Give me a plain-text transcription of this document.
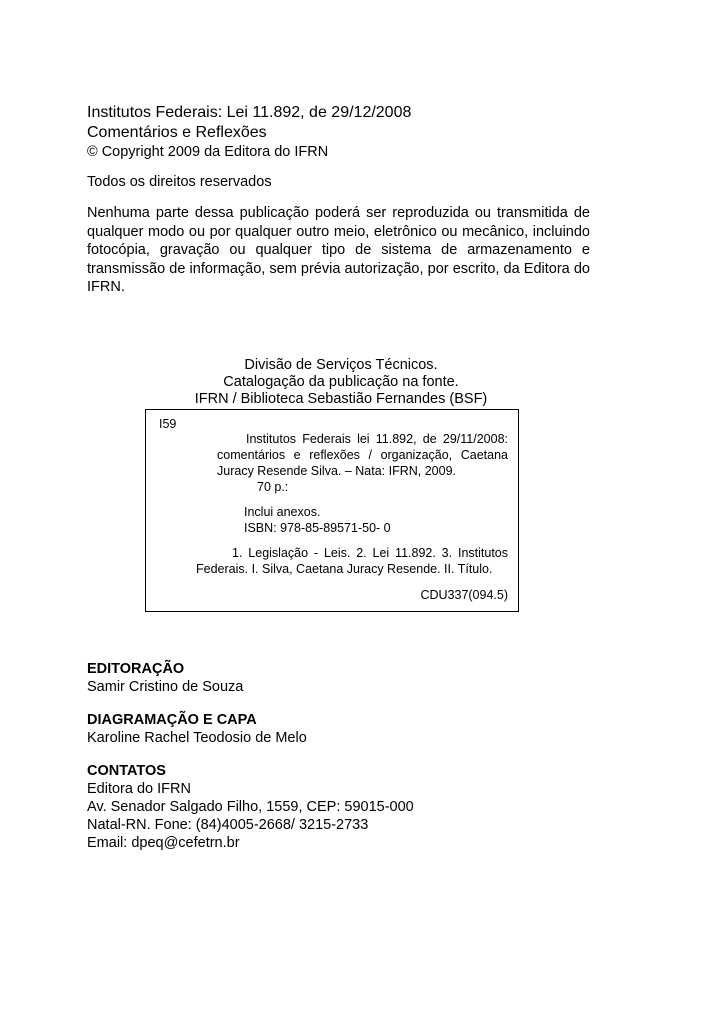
Institutos Federais: Lei 11.892, de 29/12/2008
Comentários e Reflexões
© Copyright 2009 da Editora do IFRN
Todos os direitos reservados
Nenhuma parte dessa publicação poderá ser reproduzida ou transmitida de
qualquer modo ou por qualquer outro meio, eletrônico ou mecânico, incluindo
fotocópia, gravação ou qualquer tipo de sistema de armazenamento e
transmissão de informação, sem prévia autorização, por escrito, da Editora do
IFRN.
Divisão de Serviços Técnicos.
Catalogação da publicação na fonte.
IFRN / Biblioteca Sebastião Fernandes (BSF)
I59
Institutos Federais lei 11.892, de 29/11/2008:
comentários e reflexões / organização, Caetana
Juracy Resende Silva. – Nata: IFRN, 2009.
70 p.:
Inclui anexos.
ISBN: 978-85-89571-50- 0
1. Legislação - Leis. 2. Lei 11.892. 3. Institutos
Federais. I. Silva, Caetana Juracy Resende. II. Título.
CDU337(094.5)
EDITORAÇÃO
Samir Cristino de Souza
DIAGRAMAÇÃO E CAPA
Karoline Rachel Teodosio de Melo
CONTATOS
Editora do IFRN
Av. Senador Salgado Filho, 1559, CEP: 59015-000
Natal-RN. Fone: (84)4005-2668/ 3215-2733
Email: dpeq@cefetrn.br
